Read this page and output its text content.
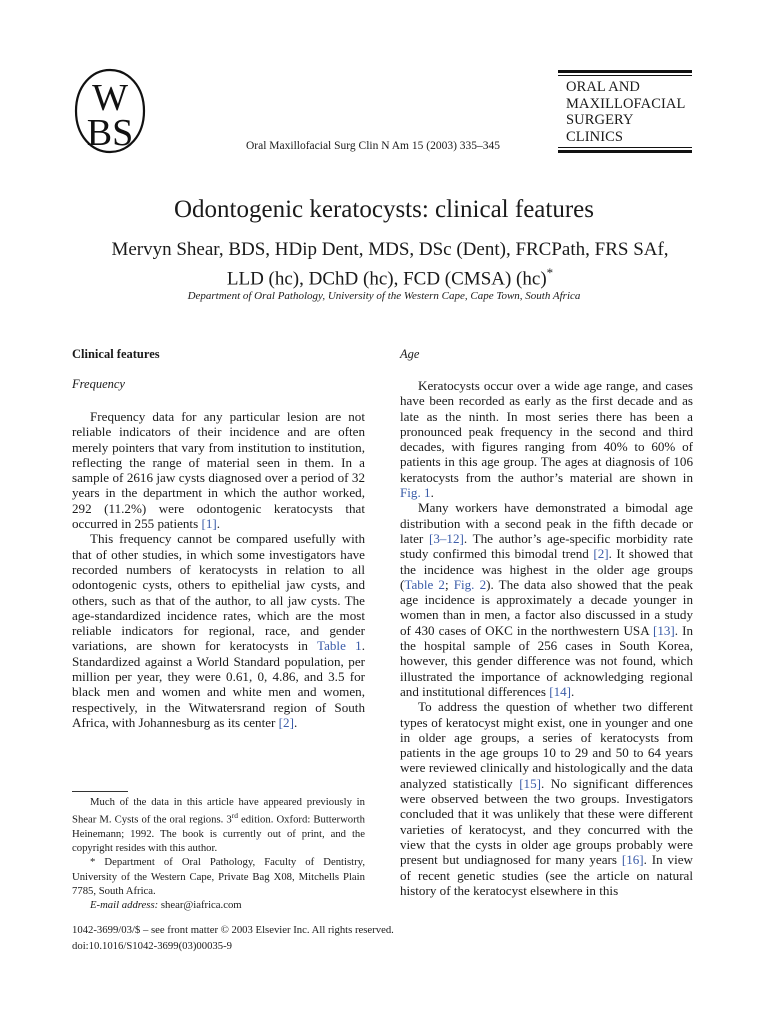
W
BS
ORAL AND
MAXILLOFACIAL
SURGERY
CLINICS
Oral Maxillofacial Surg Clin N Am 15 (2003) 335–345
Odontogenic keratocysts: clinical features
Mervyn Shear, BDS, HDip Dent, MDS, DSc (Dent), FRCPath, FRS SAf,
LLD (hc), DChD (hc), FCD (CMSA) (hc)*
Department of Oral Pathology, University of the Western Cape, Cape Town, South Africa
Clinical features
Frequency

Frequency data for any particular lesion are not reliable indicators of their incidence and are often merely pointers that vary from institution to institution, reflecting the range of material seen in them. In a sample of 2616 jaw cysts diagnosed over a period of 32 years in the department in which the author worked, 292 (11.2%) were odontogenic keratocysts that occurred in 255 patients [1].

This frequency cannot be compared usefully with that of other studies, in which some investigators have recorded numbers of keratocysts in relation to all odontogenic cysts, others to epithelial jaw cysts, and others, such as that of the author, to all jaw cysts. The age-standardized incidence rates, which are the most reliable indicators for regional, race, and gender variations, are shown for keratocysts in Table 1. Standardized against a World Standard population, per million per year, they were 0.61, 0, 4.86, and 3.5 for black men and women and white men and women, respectively, in the Witwatersrand region of South Africa, with Johannesburg as its center [2].

Much of the data in this article have appeared previously in Shear M. Cysts of the oral regions. 3rd edition. Oxford: Butterworth Heinemann; 1992. The book is currently out of print, and the copyright resides with this author.

* Department of Oral Pathology, Faculty of Dentistry, University of the Western Cape, Private Bag X08, Mitchells Plain 7785, South Africa.

E-mail address: shear@iafrica.com

Age

Keratocysts occur over a wide age range, and cases have been recorded as early as the first decade and as late as the ninth. In most series there has been a pronounced peak frequency in the second and third decades, with figures ranging from 40% to 60% of patients in this age group. The ages at diagnosis of 106 keratocysts from the author’s material are shown in Fig. 1.

Many workers have demonstrated a bimodal age distribution with a second peak in the fifth decade or later [3–12]. The author’s age-specific morbidity rate study confirmed this bimodal trend [2]. It showed that the incidence was highest in the older age groups (Table 2; Fig. 2). The data also showed that the peak age incidence is approximately a decade younger in women than in men, a factor also discussed in a study of 430 cases of OKC in the northwestern USA [13]. In the hospital sample of 256 cases in South Korea, however, this gender difference was not found, which illustrated the importance of acknowledging regional and institutional differences [14].

To address the question of whether two different types of keratocyst might exist, one in younger and one in older age groups, a series of keratocysts from patients in the age groups 10 to 29 and 50 to 64 years were reviewed clinically and histologically and the data analyzed statistically [15]. No significant differences were observed between the two groups. Investigators concluded that it was unlikely that these were different varieties of keratocyst, and they concurred with the view that the cysts in older age groups probably were present but undiagnosed for many years [16]. In view of recent genetic studies (see the article on natural history of the keratocyst elsewhere in this

1042-3699/03/$ – see front matter © 2003 Elsevier Inc. All rights reserved.
doi:10.1016/S1042-3699(03)00035-9
